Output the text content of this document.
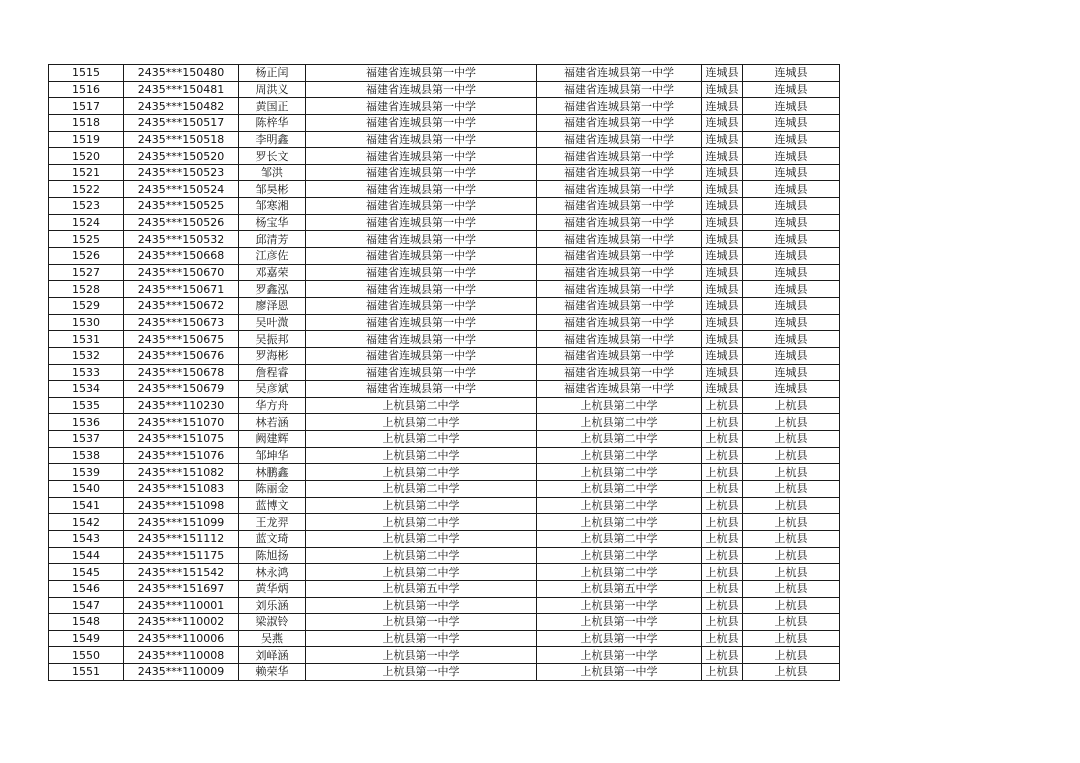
1515	2435***150480	杨正闰	福建省连城县第一中学	福建省连城县第一中学	连城县	连城县
1516	2435***150481	周洪义	福建省连城县第一中学	福建省连城县第一中学	连城县	连城县
1517	2435***150482	黄国正	福建省连城县第一中学	福建省连城县第一中学	连城县	连城县
1518	2435***150517	陈梓华	福建省连城县第一中学	福建省连城县第一中学	连城县	连城县
1519	2435***150518	李明鑫	福建省连城县第一中学	福建省连城县第一中学	连城县	连城县
1520	2435***150520	罗长文	福建省连城县第一中学	福建省连城县第一中学	连城县	连城县
1521	2435***150523	邹洪	福建省连城县第一中学	福建省连城县第一中学	连城县	连城县
1522	2435***150524	邹昊彬	福建省连城县第一中学	福建省连城县第一中学	连城县	连城县
1523	2435***150525	邹寒湘	福建省连城县第一中学	福建省连城县第一中学	连城县	连城县
1524	2435***150526	杨宝华	福建省连城县第一中学	福建省连城县第一中学	连城县	连城县
1525	2435***150532	邱清芳	福建省连城县第一中学	福建省连城县第一中学	连城县	连城县
1526	2435***150668	江彦佐	福建省连城县第一中学	福建省连城县第一中学	连城县	连城县
1527	2435***150670	邓嘉荣	福建省连城县第一中学	福建省连城县第一中学	连城县	连城县
1528	2435***150671	罗鑫泓	福建省连城县第一中学	福建省连城县第一中学	连城县	连城县
1529	2435***150672	廖泽恩	福建省连城县第一中学	福建省连城县第一中学	连城县	连城县
1530	2435***150673	吴叶溦	福建省连城县第一中学	福建省连城县第一中学	连城县	连城县
1531	2435***150675	吴振邦	福建省连城县第一中学	福建省连城县第一中学	连城县	连城县
1532	2435***150676	罗海彬	福建省连城县第一中学	福建省连城县第一中学	连城县	连城县
1533	2435***150678	詹程睿	福建省连城县第一中学	福建省连城县第一中学	连城县	连城县
1534	2435***150679	吴彦斌	福建省连城县第一中学	福建省连城县第一中学	连城县	连城县
1535	2435***110230	华方舟	上杭县第二中学	上杭县第二中学	上杭县	上杭县
1536	2435***151070	林若涵	上杭县第二中学	上杭县第二中学	上杭县	上杭县
1537	2435***151075	阙建辉	上杭县第二中学	上杭县第二中学	上杭县	上杭县
1538	2435***151076	邹坤华	上杭县第二中学	上杭县第二中学	上杭县	上杭县
1539	2435***151082	林鹏鑫	上杭县第二中学	上杭县第二中学	上杭县	上杭县
1540	2435***151083	陈丽金	上杭县第二中学	上杭县第二中学	上杭县	上杭县
1541	2435***151098	蓝博文	上杭县第二中学	上杭县第二中学	上杭县	上杭县
1542	2435***151099	王龙羿	上杭县第二中学	上杭县第二中学	上杭县	上杭县
1543	2435***151112	蓝文琦	上杭县第二中学	上杭县第二中学	上杭县	上杭县
1544	2435***151175	陈旭扬	上杭县第二中学	上杭县第二中学	上杭县	上杭县
1545	2435***151542	林永鸿	上杭县第二中学	上杭县第二中学	上杭县	上杭县
1546	2435***151697	黄华炳	上杭县第五中学	上杭县第五中学	上杭县	上杭县
1547	2435***110001	刘乐涵	上杭县第一中学	上杭县第一中学	上杭县	上杭县
1548	2435***110002	梁淑铃	上杭县第一中学	上杭县第一中学	上杭县	上杭县
1549	2435***110006	吴燕	上杭县第一中学	上杭县第一中学	上杭县	上杭县
1550	2435***110008	刘峄涵	上杭县第一中学	上杭县第一中学	上杭县	上杭县
1551	2435***110009	赖荣华	上杭县第一中学	上杭县第一中学	上杭县	上杭县
